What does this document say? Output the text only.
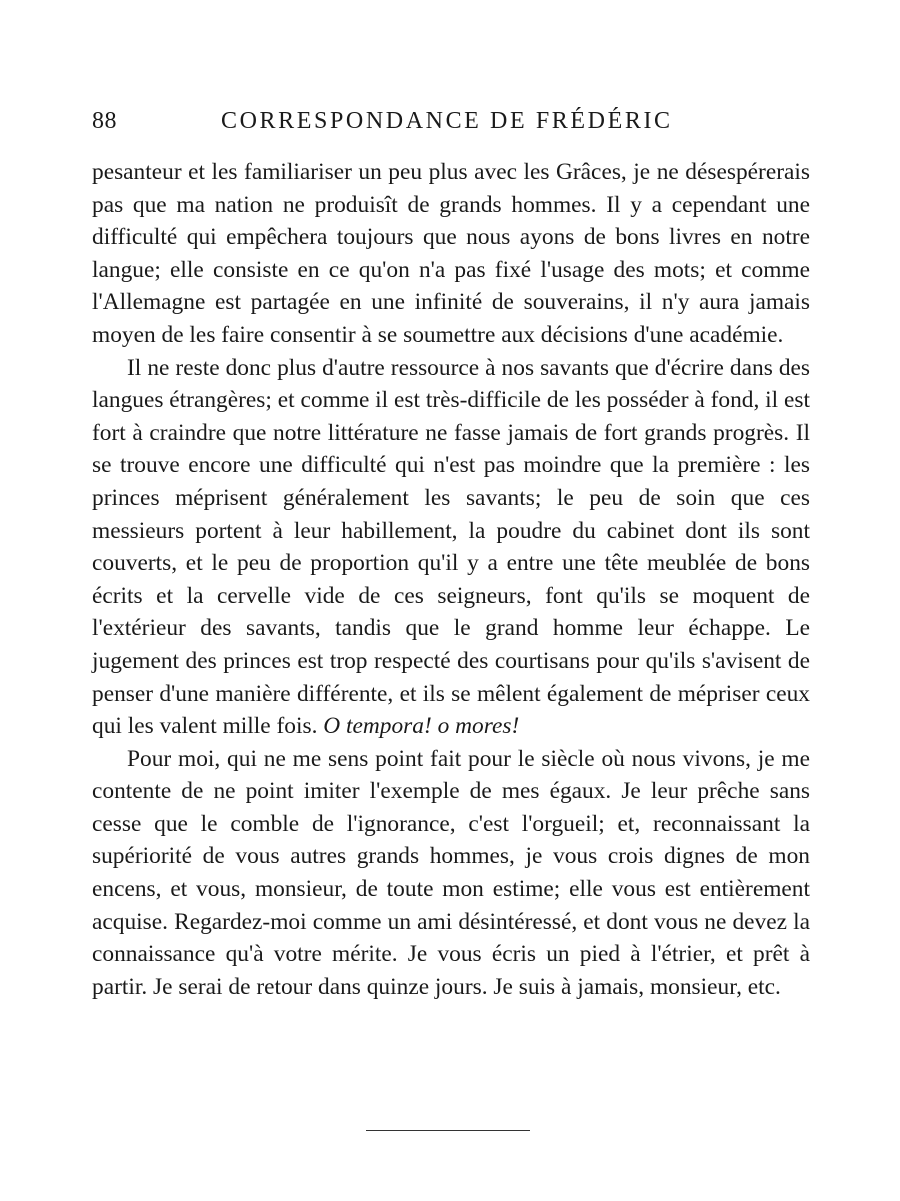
88	CORRESPONDANCE DE FRÉDÉRIC

pesanteur et les familiariser un peu plus avec les Grâces, je ne désespérerais pas que ma nation ne produisît de grands hommes. Il y a cependant une difficulté qui empêchera toujours que nous ayons de bons livres en notre langue; elle consiste en ce qu'on n'a pas fixé l'usage des mots; et comme l'Allemagne est partagée en une infinité de souverains, il n'y aura jamais moyen de les faire consentir à se soumettre aux décisions d'une académie.

Il ne reste donc plus d'autre ressource à nos savants que d'écrire dans des langues étrangères; et comme il est très-difficile de les posséder à fond, il est fort à craindre que notre littérature ne fasse jamais de fort grands progrès. Il se trouve encore une difficulté qui n'est pas moindre que la première : les princes méprisent généralement les savants; le peu de soin que ces messieurs portent à leur habillement, la poudre du cabinet dont ils sont couverts, et le peu de proportion qu'il y a entre une tête meublée de bons écrits et la cervelle vide de ces seigneurs, font qu'ils se moquent de l'extérieur des savants, tandis que le grand homme leur échappe. Le jugement des princes est trop respecté des courtisans pour qu'ils s'avisent de penser d'une manière différente, et ils se mêlent également de mépriser ceux qui les valent mille fois. O tempora! o mores!

Pour moi, qui ne me sens point fait pour le siècle où nous vivons, je me contente de ne point imiter l'exemple de mes égaux. Je leur prêche sans cesse que le comble de l'ignorance, c'est l'orgueil; et, reconnaissant la supériorité de vous autres grands hommes, je vous crois dignes de mon encens, et vous, monsieur, de toute mon estime; elle vous est entièrement acquise. Regardez-moi comme un ami désintéressé, et dont vous ne devez la connaissance qu'à votre mérite. Je vous écris un pied à l'étrier, et prêt à partir. Je serai de retour dans quinze jours. Je suis à jamais, monsieur, etc.
